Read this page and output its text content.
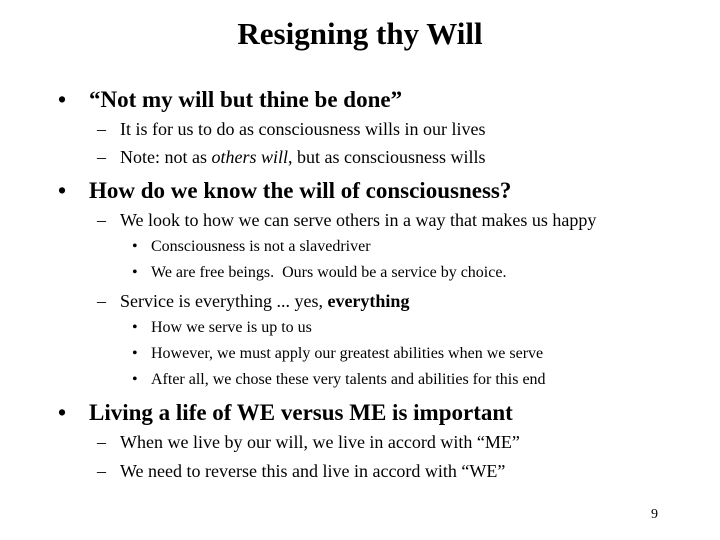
Resigning thy Will
• “Not my will but thine be done”
– It is for us to do as consciousness wills in our lives
– Note: not as others will, but as consciousness wills
• How do we know the will of consciousness?
– We look to how we can serve others in a way that makes us happy
• Consciousness is not a slavedriver
• We are free beings.  Ours would be a service by choice.
– Service is everything ... yes, everything
• How we serve is up to us
• However, we must apply our greatest abilities when we serve
• After all, we chose these very talents and abilities for this end
• Living a life of WE versus ME is important
– When we live by our will, we live in accord with “ME”
– We need to reverse this and live in accord with “WE”
9
